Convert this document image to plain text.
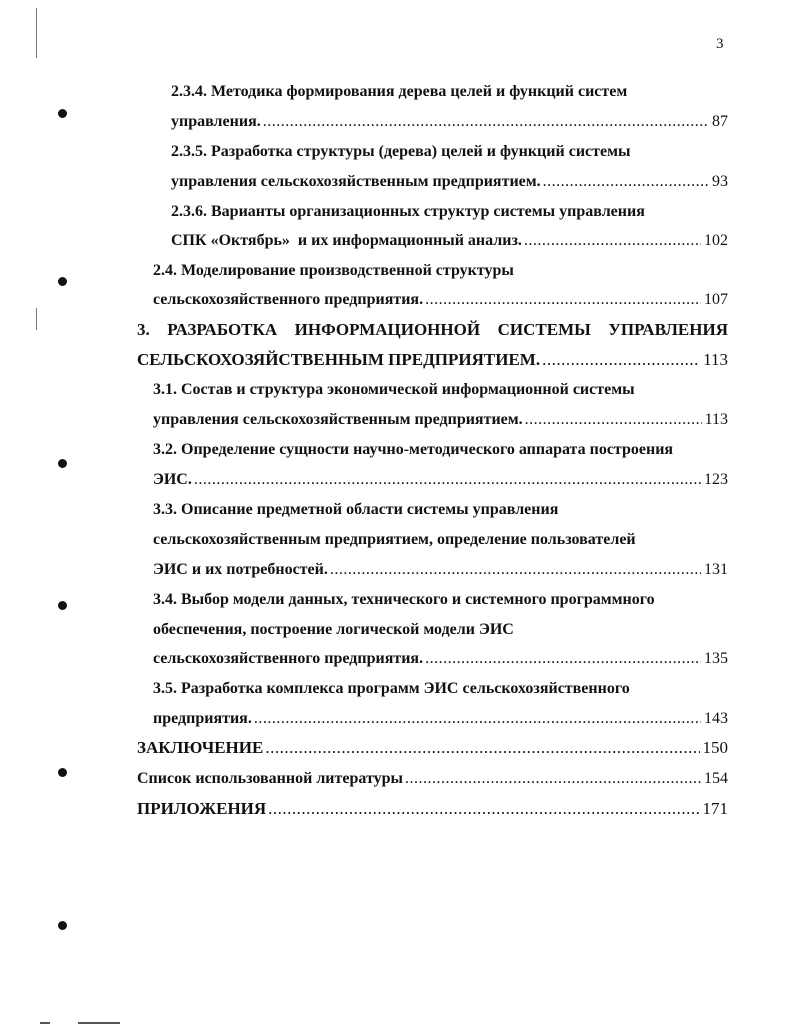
3
2.3.4. Методика формирования дерева целей и функций систем
управления. .....	87
2.3.5. Разработка структуры (дерева) целей и функций системы
управления сельскохозяйственным предприятием. .....	93
2.3.6. Варианты организационных структур системы управления
СПК «Октябрь»  и их информационный анализ. .....	102
2.4. Моделирование производственной структуры
сельскохозяйственного предприятия. .....	107
3. РАЗРАБОТКА ИНФОРМАЦИОННОЙ СИСТЕМЫ УПРАВЛЕНИЯ
СЕЛЬСКОХОЗЯЙСТВЕННЫМ ПРЕДПРИЯТИЕМ. .....	113
3.1. Состав и структура экономической информационной системы
управления сельскохозяйственным предприятием. .....	113
3.2. Определение сущности научно-методического аппарата построения
ЭИС. .....	123
3.3. Описание предметной области системы управления
сельскохозяйственным предприятием, определение пользователей
ЭИС и их потребностей. .....	131
3.4. Выбор модели данных, технического и системного программного
обеспечения, построение логической модели ЭИС
сельскохозяйственного предприятия. .....	135
3.5. Разработка комплекса программ ЭИС сельскохозяйственного
предприятия. .....	143
ЗАКЛЮЧЕНИЕ .....	150
Список использованной литературы .....	154
ПРИЛОЖЕНИЯ .....	171
